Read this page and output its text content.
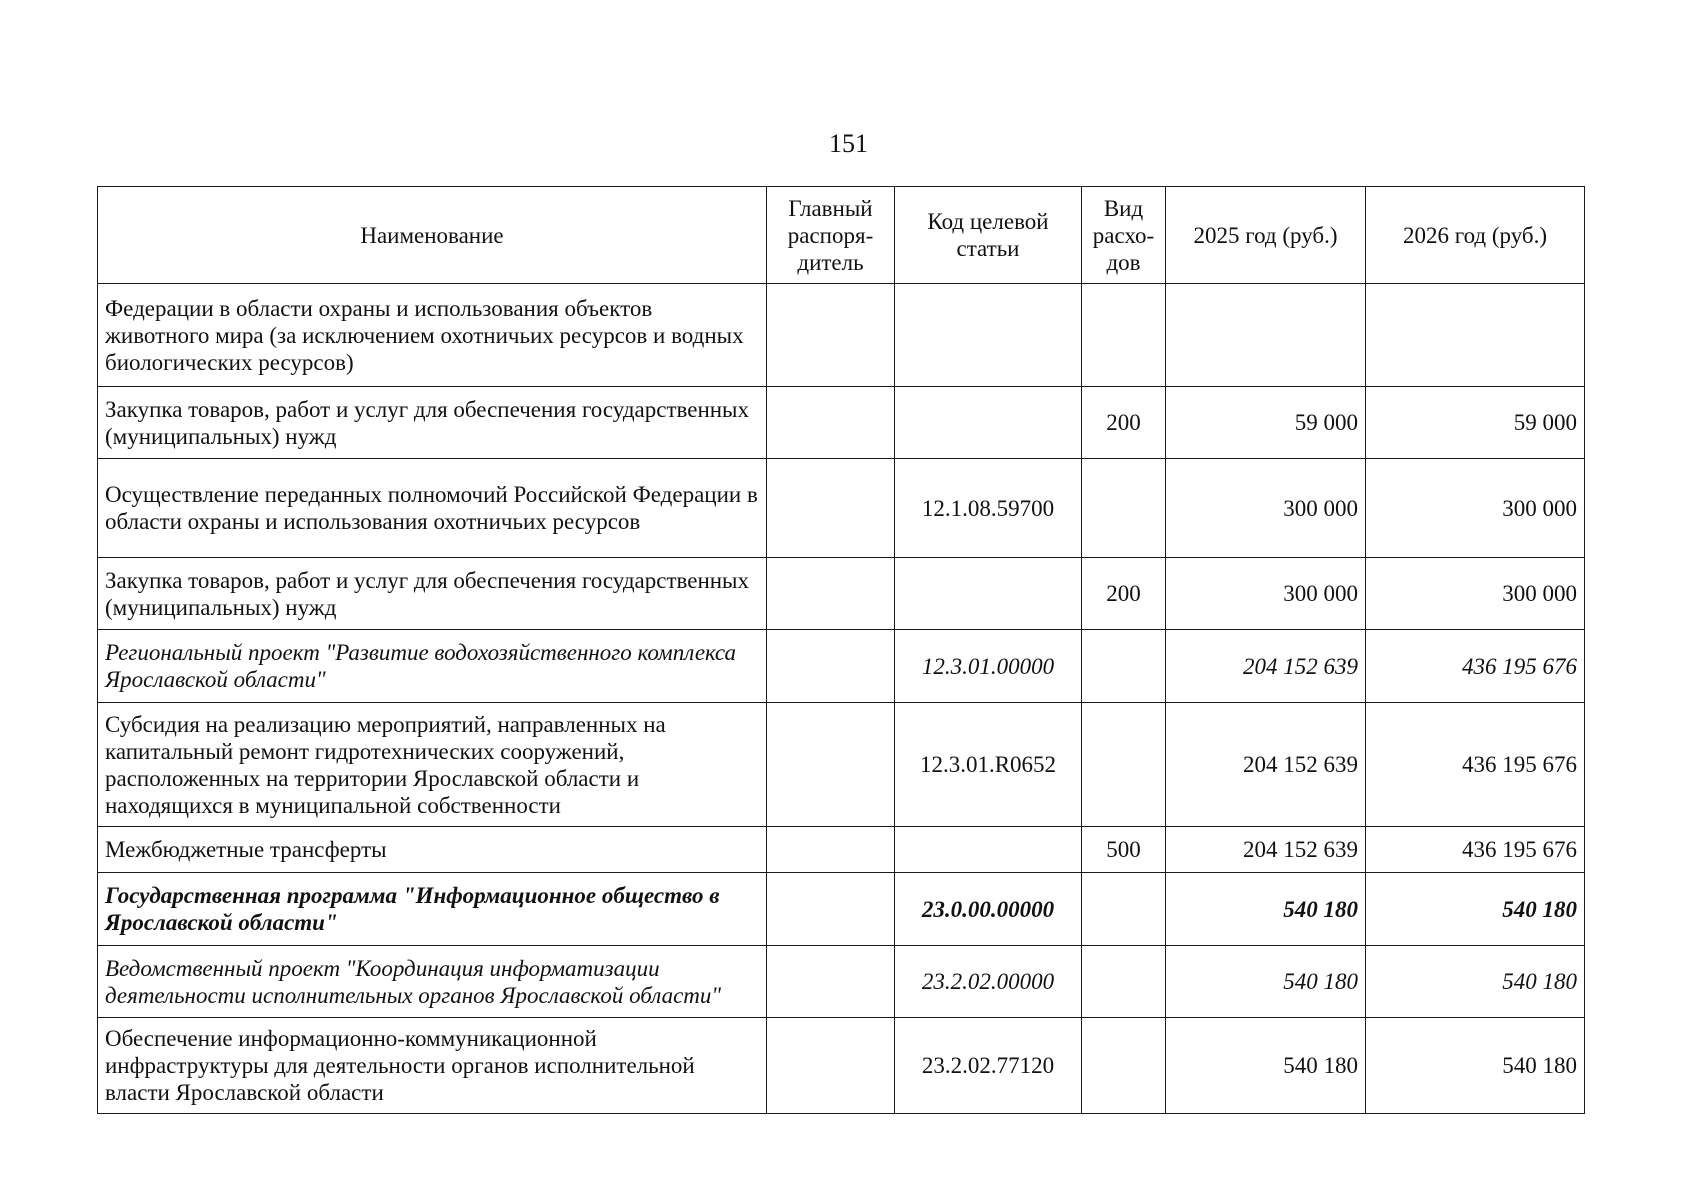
151
Наименование	Главный распоря-дитель	Код целевой статьи	Вид расхо-дов	2025 год (руб.)	2026 год (руб.)
Федерации в области охраны и использования объектов животного мира (за исключением охотничьих ресурсов и водных биологических ресурсов)					
Закупка товаров, работ и услуг для обеспечения государственных (муниципальных) нужд			200	59 000	59 000
Осуществление переданных полномочий Российской Федерации в области охраны и использования охотничьих ресурсов		12.1.08.59700		300 000	300 000
Закупка товаров, работ и услуг для обеспечения государственных (муниципальных) нужд			200	300 000	300 000
Региональный проект "Развитие водохозяйственного комплекса Ярославской области"		12.3.01.00000		204 152 639	436 195 676
Субсидия на реализацию мероприятий, направленных на капитальный ремонт гидротехнических сооружений, расположенных на территории Ярославской области и находящихся в муниципальной собственности		12.3.01.R0652		204 152 639	436 195 676
Межбюджетные трансферты			500	204 152 639	436 195 676
Государственная программа "Информационное общество в Ярославской области"		23.0.00.00000		540 180	540 180
Ведомственный проект "Координация информатизации деятельности исполнительных органов Ярославской области"		23.2.02.00000		540 180	540 180
Обеспечение информационно-коммуникационной инфраструктуры для деятельности органов исполнительной власти Ярославской области		23.2.02.77120		540 180	540 180
